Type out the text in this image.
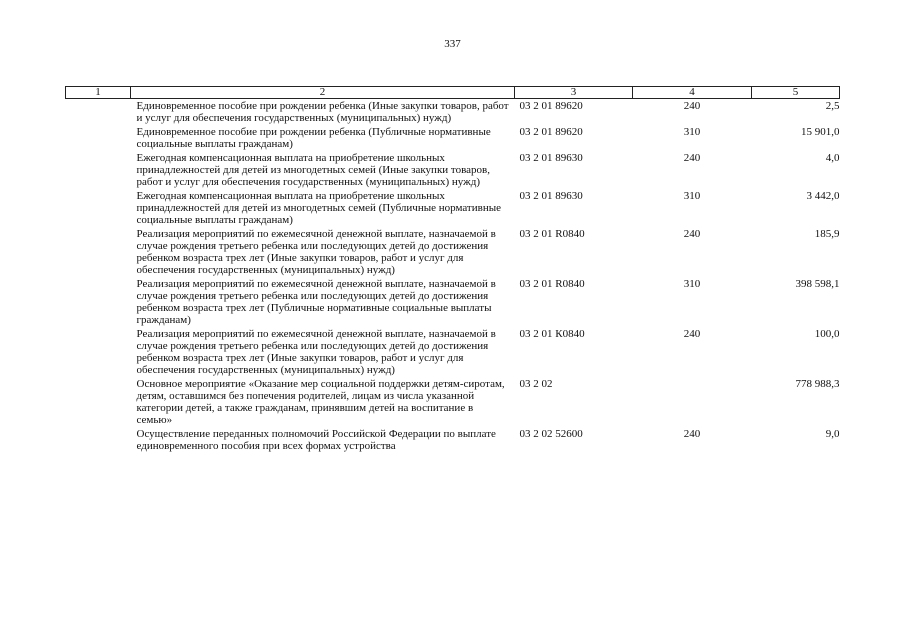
337
1	2	3	4	5
	Единовременное пособие при рождении ребенка (Иные закупки товаров, работ и услуг для обеспечения государственных (муниципальных) нужд)	03 2 01 89620	240	2,5
	Единовременное пособие при рождении ребенка (Публичные нормативные социальные выплаты гражданам)	03 2 01 89620	310	15 901,0
	Ежегодная компенсационная выплата на приобретение школьных принадлежностей для детей из многодетных семей (Иные закупки товаров, работ и услуг для обеспечения государственных (муниципальных) нужд)	03 2 01 89630	240	4,0
	Ежегодная компенсационная выплата на приобретение школьных принадлежностей для детей из многодетных семей (Публичные нормативные социальные выплаты гражданам)	03 2 01 89630	310	3 442,0
	Реализация мероприятий по ежемесячной денежной выплате, назначаемой в случае рождения третьего ребенка или последующих детей до достижения ребенком возраста трех лет (Иные закупки товаров, работ и услуг для обеспечения государственных (муниципальных) нужд)	03 2 01 R0840	240	185,9
	Реализация мероприятий по ежемесячной денежной выплате, назначаемой в случае рождения третьего ребенка или последующих детей до достижения ребенком возраста трех лет (Публичные нормативные социальные выплаты гражданам)	03 2 01 R0840	310	398 598,1
	Реализация мероприятий по ежемесячной денежной выплате, назначаемой в случае рождения третьего ребенка или последующих детей до достижения ребенком возраста трех лет (Иные закупки товаров, работ и услуг для обеспечения государственных (муниципальных) нужд)	03 2 01 К0840	240	100,0
	Основное мероприятие «Оказание мер социальной поддержки детям-сиротам, детям, оставшимся без попечения родителей, лицам из числа указанной категории детей, а также гражданам, принявшим детей на воспитание в семью»	03 2 02		778 988,3
	Осуществление переданных полномочий Российской Федерации по выплате единовременного пособия при всех формах устройства	03 2 02 52600	240	9,0
